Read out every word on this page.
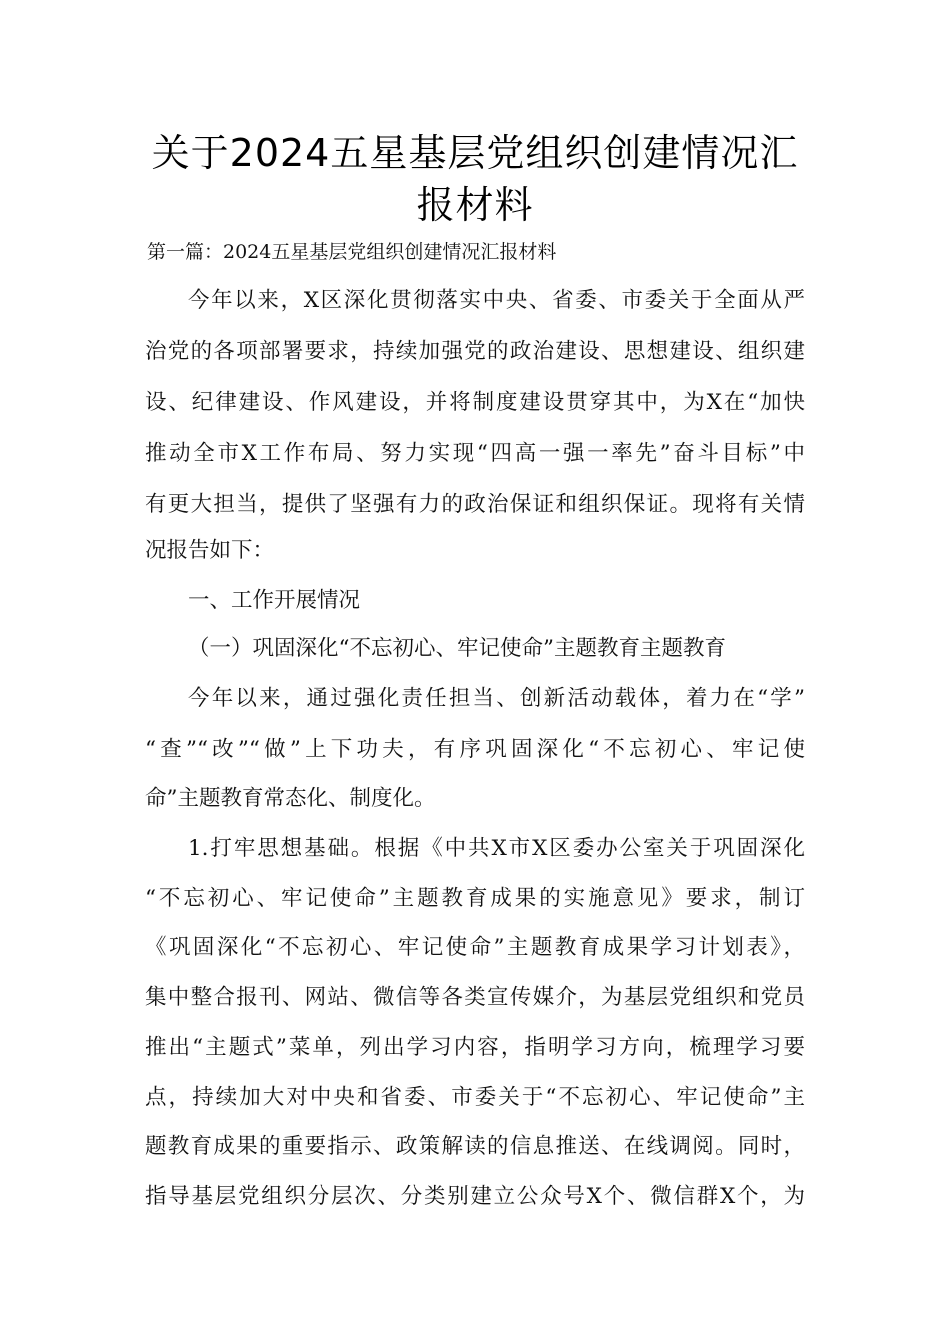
关于2024五星基层党组织创建情况汇
报材料
第一篇：2024五星基层党组织创建情况汇报材料
今年以来，X区深化贯彻落实中央、省委、市委关于全面从严
治党的各项部署要求，持续加强党的政治建设、思想建设、组织建
设、纪律建设、作风建设，并将制度建设贯穿其中，为X在“加快
推动全市X工作布局、努力实现“四高一强一率先”奋斗目标”中
有更大担当，提供了坚强有力的政治保证和组织保证。现将有关情
况报告如下：
一、工作开展情况
（一）巩固深化“不忘初心、牢记使命”主题教育主题教育
今年以来，通过强化责任担当、创新活动载体，着力在“学”
“查”“改”“做”上下功夫，有序巩固深化“不忘初心、牢记使
命”主题教育常态化、制度化。
1.打牢思想基础。根据《中共X市X区委办公室关于巩固深化
“不忘初心、牢记使命”主题教育成果的实施意见》要求，制订
《巩固深化“不忘初心、牢记使命”主题教育成果学习计划表》，
集中整合报刊、网站、微信等各类宣传媒介，为基层党组织和党员
推出“主题式”菜单，列出学习内容，指明学习方向，梳理学习要
点，持续加大对中央和省委、市委关于“不忘初心、牢记使命”主
题教育成果的重要指示、政策解读的信息推送、在线调阅。同时，
指导基层党组织分层次、分类别建立公众号X个、微信群X个，为
